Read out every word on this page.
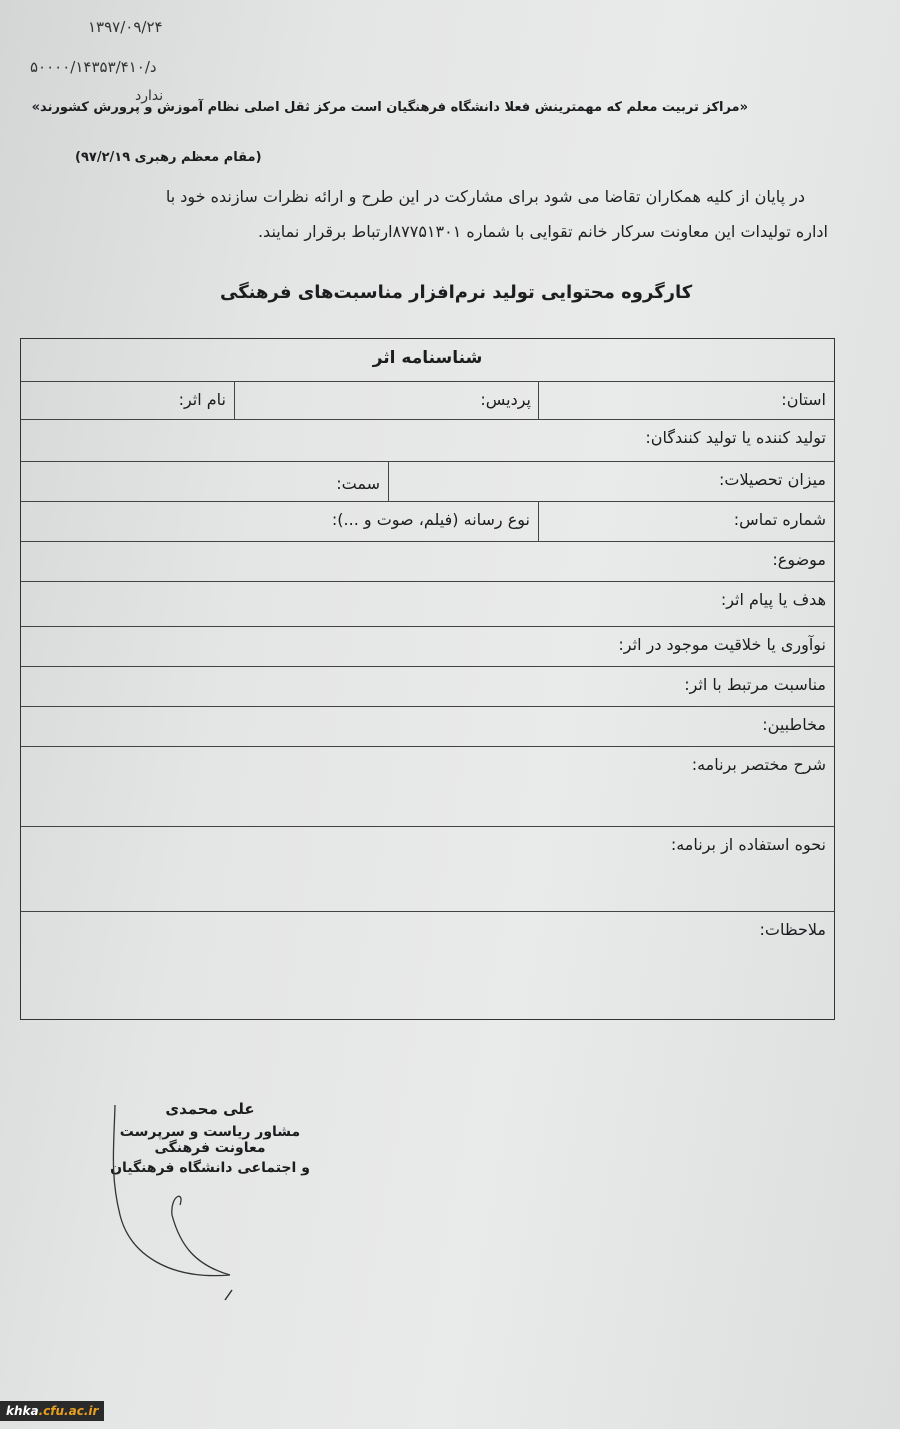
۱۳۹۷/۰۹/۲۴
د/۵۰۰۰۰/۱۴۳۵۳/۴۱۰
ندارد
«مراکز تربیت معلم که مهمترینش فعلا دانشگاه فرهنگیان است مرکز ثقل اصلی نظام آموزش و پرورش کشورند»
(مقام معظم رهبری ۹۷/۲/۱۹)
در پایان از کلیه همکاران تقاضا می شود برای مشارکت در این طرح و ارائه نظرات سازنده خود با
اداره تولیدات این معاونت سرکار خانم تقوایی با شماره ۸۷۷۵۱۳۰۱ارتباط برقرار نمایند.
کارگروه محتوایی تولید نرم‌افزار مناسبت‌های فرهنگی
شناسنامه اثر
استان:
پردیس:
نام اثر:
تولید کننده یا تولید کنندگان:
میزان تحصیلات:
سمت:
شماره تماس:
نوع رسانه (فیلم، صوت و ...):
موضوع:
هدف یا پیام اثر:
نوآوری یا خلاقیت موجود در اثر:
مناسبت مرتبط با اثر:
مخاطبین:
شرح مختصر برنامه:
نحوه استفاده از برنامه:
ملاحظات:
علی محمدی
مشاور ریاست و سرپرست معاونت فرهنگی
و اجتماعی دانشگاه فرهنگیان
khka.cfu.ac.ir
